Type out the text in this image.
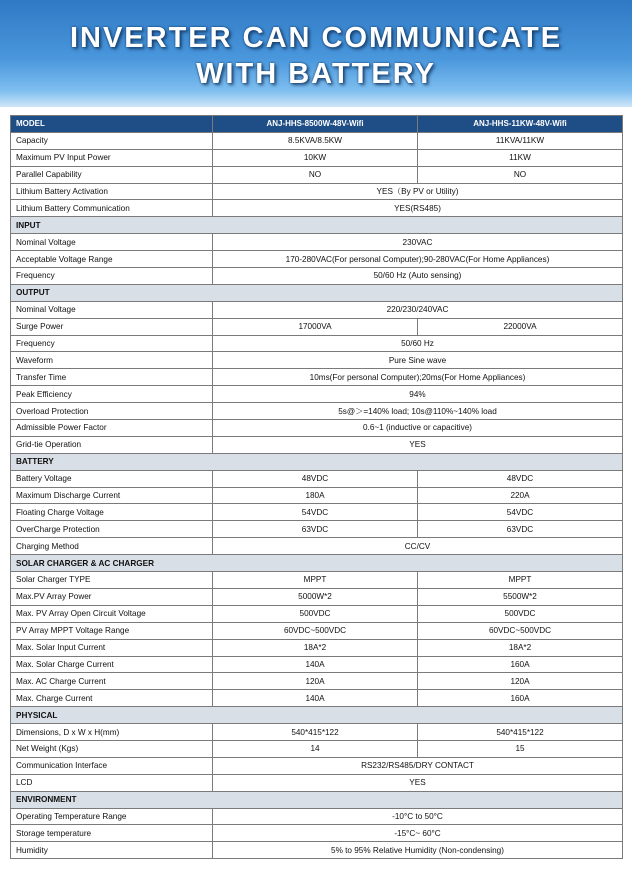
INVERTER CAN COMMUNICATE
WITH BATTERY
MODEL	ANJ-HHS-8500W-48V-Wifi	ANJ-HHS-11KW-48V-Wifi
Capacity	8.5KVA/8.5KW	11KVA/11KW
Maximum PV Input Power	10KW	11KW
Parallel Capability	NO	NO
Lithium Battery Activation	YES（By PV or Utility)	
Lithium Battery Communication	YES(RS485)	
INPUT		
Nominal Voltage	230VAC	
Acceptable Voltage Range	170-280VAC(For personal Computer);90-280VAC(For Home Appliances)	
Frequency	50/60 Hz (Auto sensing)	
OUTPUT		
Nominal Voltage	220/230/240VAC	
Surge Power	17000VA	22000VA
Frequency	50/60 Hz	
Waveform	Pure Sine wave	
Transfer Time	10ms(For personal Computer);20ms(For Home Appliances)	
Peak Efficiency	94%	
Overload Protection	5s@＞=140% load; 10s@110%~140% load	
Admissible Power Factor	0.6~1 (inductive or capacitive)	
Grid-tie Operation	YES	
BATTERY		
Battery Voltage	48VDC	48VDC
Maximum Discharge Current	180A	220A
Floating Charge Voltage	54VDC	54VDC
OverCharge Protection	63VDC	63VDC
Charging Method	CC/CV	
SOLAR CHARGER & AC CHARGER		
Solar Charger TYPE	MPPT	MPPT
Max.PV Array Power	5000W*2	5500W*2
Max. PV Array Open Circuit Voltage	500VDC	500VDC
PV Array MPPT Voltage Range	60VDC~500VDC	60VDC~500VDC
Max. Solar Input Current	18A*2	18A*2
Max. Solar Charge Current	140A	160A
Max. AC Charge Current	120A	120A
Max. Charge Current	140A	160A
PHYSICAL		
Dimensions, D x W x H(mm)	540*415*122	540*415*122
Net Weight (Kgs)	14	15
Communication Interface	RS232/RS485/DRY CONTACT	
LCD	YES	
ENVIRONMENT		
Operating Temperature Range	-10°C to 50°C	
Storage temperature	-15°C~ 60°C	
Humidity	5% to 95% Relative Humidity (Non-condensing)	
